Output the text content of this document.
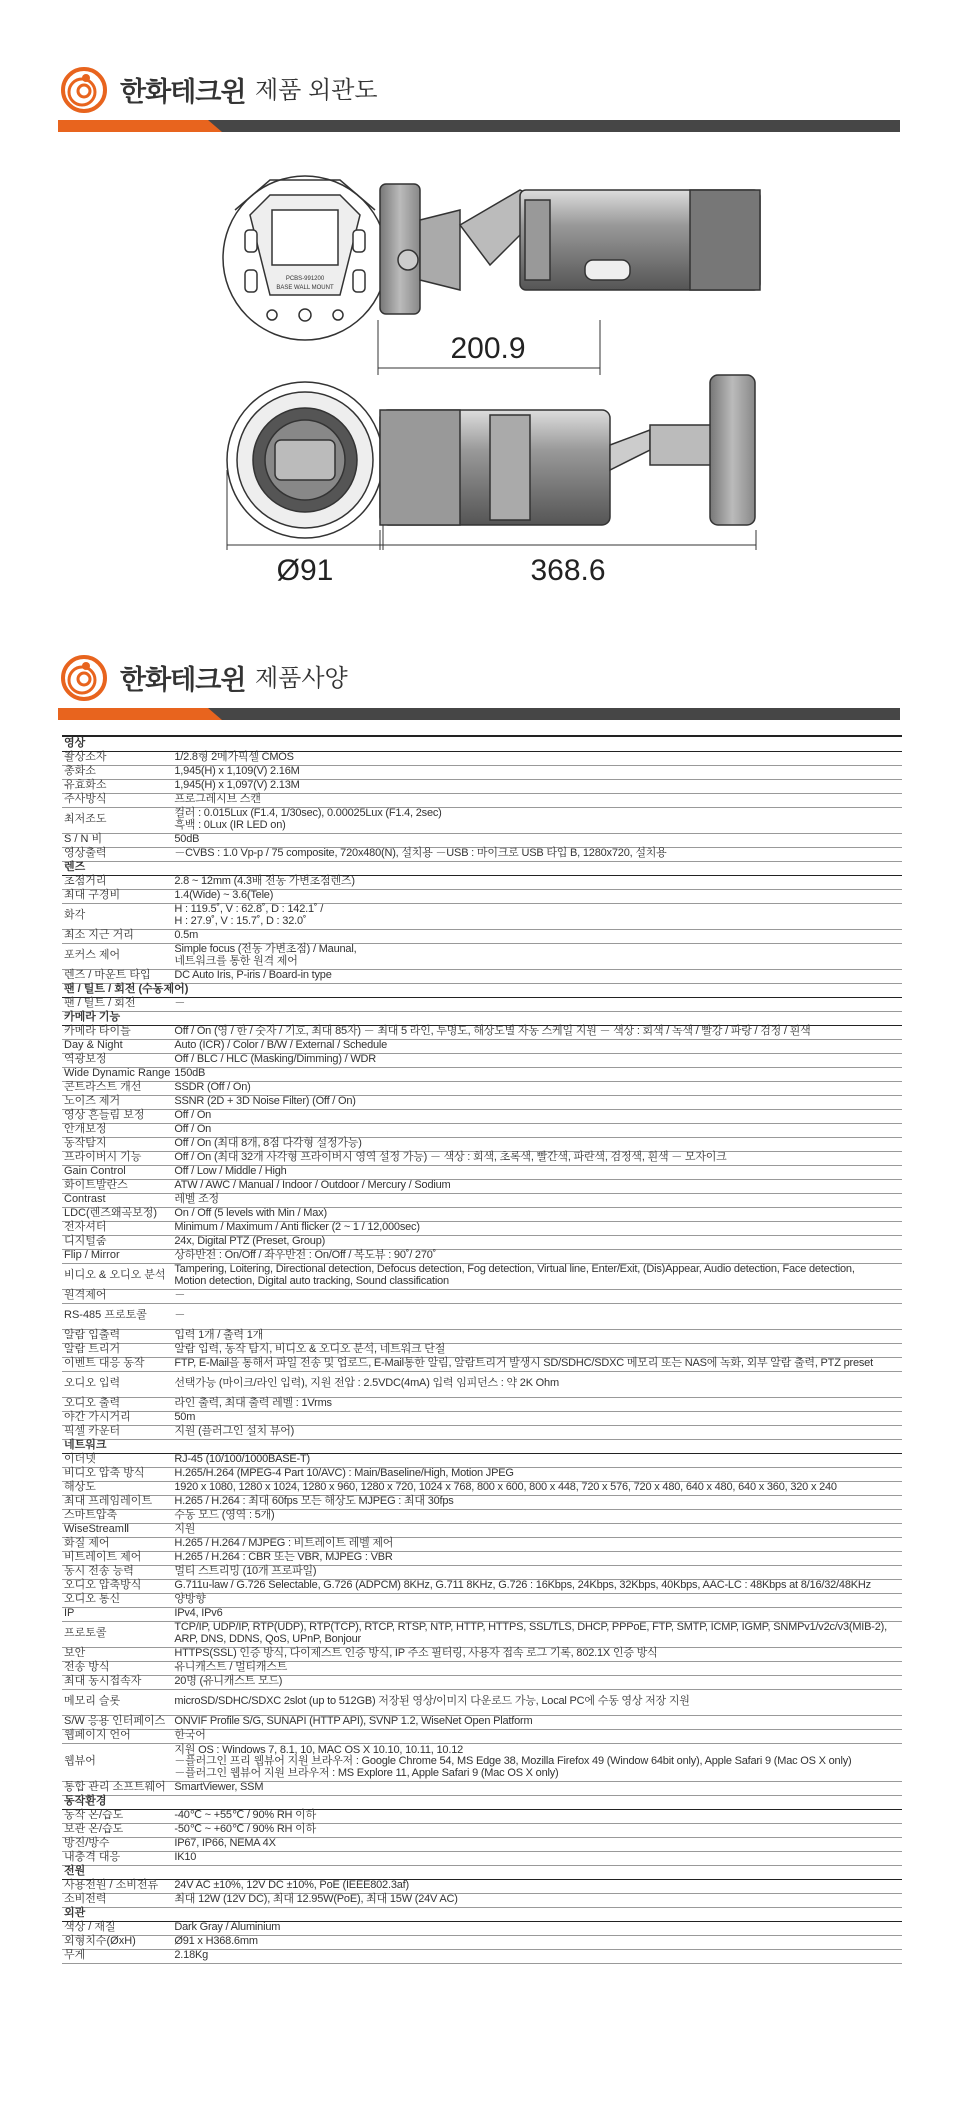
한화테크윈 제품 외관도
PCBS-991200
BASE WALL MOUNT
200.9
Ø91	368.6
한화테크윈 제품사양
영상	
촬상소자	1/2.8형 2메가픽셀 CMOS
총화소	1,945(H) x 1,109(V) 2.16M
유효화소	1,945(H) x 1,097(V) 2.13M
주사방식	프로그레시브 스캔
최저조도	컬러 : 0.015Lux (F1.4, 1/30sec), 0.00025Lux (F1.4, 2sec)
흑백 : 0Lux (IR LED on)
S / N 비	50dB
영상출력	－CVBS : 1.0 Vp-p / 75 composite, 720x480(N), 설치용 －USB : 마이크로 USB 타입 B, 1280x720, 설치용
렌즈	
초점거리	2.8 ~ 12mm (4.3배 전동 가변초점렌즈)
최대 구경비	1.4(Wide) ~ 3.6(Tele)
화각	H : 119.5˚, V : 62.8˚, D : 142.1˚ /
H : 27.9˚, V : 15.7˚, D : 32.0˚
최소 지근 거리	0.5m
포커스 제어	Simple focus (전동 가변초점) / Maunal,
네트워크를 통한 원격 제어
렌즈 / 마운트 타입	DC Auto Iris, P-iris / Board-in type
팬 / 틸트 / 회전 (수동제어)	
팬 / 틸트 / 회전	－
카메라 기능	
카메라 타이틀	Off / On (영 / 한 / 숫자 / 기호, 최대 85자) － 최대 5 라인, 투명도, 해상도별 자동 스케일 지원 － 색상 : 회색 / 녹색 / 빨강 / 파랑 / 검정 / 흰색
Day & Night	Auto (ICR) / Color / B/W / External / Schedule
역광보정	Off / BLC / HLC (Masking/Dimming) / WDR
Wide Dynamic Range	150dB
콘트라스트 개선	SSDR (Off / On)
노이즈 제거	SSNR (2D + 3D Noise Filter) (Off / On)
영상 흔들림 보정	Off / On
안개보정	Off / On
동작탐지	Off / On (최대 8개, 8점 다각형 설정가능)
프라이버시 기능	Off / On (최대 32개 사각형 프라이버시 영역 설정 가능) － 색상 : 회색, 초록색, 빨간색, 파란색, 검정색, 흰색 － 모자이크
Gain Control	Off / Low / Middle / High
화이트발란스	ATW / AWC / Manual / Indoor / Outdoor / Mercury / Sodium
Contrast	레벨 조정
LDC(렌즈왜곡보정)	On / Off (5 levels with Min / Max)
전자셔터	Minimum / Maximum / Anti flicker (2 ~ 1 / 12,000sec)
디지털줌	24x, Digital PTZ (Preset, Group)
Flip / Mirror	상하반전 : On/Off / 좌우반전 : On/Off / 복도뷰 : 90˚/ 270˚
비디오 & 오디오 분석	Tampering, Loitering, Directional detection, Defocus detection, Fog detection, Virtual line, Enter/Exit, (Dis)Appear, Audio detection, Face detection,
Motion detection, Digital auto tracking, Sound classification
원격제어	－
RS-485 프로토콜	－
알람 입출력	입력 1개 / 출력 1개
알람 트리거	알람 입력, 동작 탐지, 비디오 & 오디오 분석, 네트워크 단절
이벤트 대응 동작	FTP, E-Mail을 통해서 파일 전송 및 업로드, E-Mail통한 알림, 알람트리거 발생시 SD/SDHC/SDXC 메모리 또는 NAS에 녹화, 외부 알람 출력, PTZ preset
오디오 입력	선택가능 (마이크/라인 입력), 지원 전압 : 2.5VDC(4mA) 입력 임피던스 : 약 2K Ohm
오디오 출력	라인 출력, 최대 출력 레벨 : 1Vrms
야간 가시거리	50m
픽셀 카운터	지원 (플러그인 설치 뷰어)
네트워크	
이더넷	RJ-45 (10/100/1000BASE-T)
비디오 압축 방식	H.265/H.264 (MPEG-4 Part 10/AVC) : Main/Baseline/High, Motion JPEG
해상도	1920 x 1080, 1280 x 1024, 1280 x 960, 1280 x 720, 1024 x 768, 800 x 600, 800 x 448, 720 x 576, 720 x 480, 640 x 480, 640 x 360, 320 x 240
최대 프레임레이트	H.265 / H.264 : 최대 60fps 모든 해상도 MJPEG : 최대 30fps
스마트압축	수동 모드 (영역 : 5개)
WiseStreamⅡ	지원
화질 제어	H.265 / H.264 / MJPEG : 비트레이트 레벨 제어
비트레이트 제어	H.265 / H.264 : CBR 또는 VBR, MJPEG : VBR
동시 전송 능력	멀티 스트리밍 (10개 프로파일)
오디오 압축방식	G.711u-law / G.726 Selectable, G.726 (ADPCM) 8KHz, G.711 8KHz, G.726 : 16Kbps, 24Kbps, 32Kbps, 40Kbps, AAC-LC : 48Kbps at 8/16/32/48KHz
오디오 통신	양방향
IP	IPv4, IPv6
프로토콜	TCP/IP, UDP/IP, RTP(UDP), RTP(TCP), RTCP, RTSP, NTP, HTTP, HTTPS, SSL/TLS, DHCP, PPPoE, FTP, SMTP, ICMP, IGMP, SNMPv1/v2c/v3(MIB-2),
ARP, DNS, DDNS, QoS, UPnP, Bonjour
보안	HTTPS(SSL) 인증 방식, 다이제스트 인증 방식, IP 주소 필터링, 사용자 접속 로그 기록, 802.1X 인증 방식
전송 방식	유니캐스트 / 멀티캐스트
최대 동시접속자	20명 (유니캐스트 모드)
메모리 슬롯	microSD/SDHC/SDXC 2slot (up to 512GB) 저장된 영상/이미지 다운로드 가능, Local PC에 수동 영상 저장 지원
S/W 응용 인터페이스	ONVIF Profile S/G, SUNAPI (HTTP API), SVNP 1.2, WiseNet Open Platform
웹페이지 언어	한국어
웹뷰어	지원 OS : Windows 7, 8.1, 10, MAC OS X 10.10, 10.11, 10.12
－플러그인 프리 웹뷰어 지원 브라우저 : Google Chrome 54, MS Edge 38, Mozilla Firefox 49 (Window 64bit only), Apple Safari 9 (Mac OS X only)
－플러그인 웹뷰어 지원 브라우저 : MS Explore 11, Apple Safari 9 (Mac OS X only)
통합 관리 소프트웨어	SmartViewer, SSM
동작환경	
동작 온/습도	-40℃ ~ +55℃ / 90% RH 이하
보관 온/습도	-50℃ ~ +60℃ / 90% RH 이하
방진/방수	IP67, IP66, NEMA 4X
내충격 대응	IK10
전원	
사용전원 / 소비전류	24V AC ±10%, 12V DC ±10%, PoE (IEEE802.3af)
소비전력	최대 12W (12V DC), 최대 12.95W(PoE), 최대 15W (24V AC)
외관	
색상 / 재질	Dark Gray / Aluminium
외형치수(ØxH)	Ø91 x H368.6mm
무게	2.18Kg
